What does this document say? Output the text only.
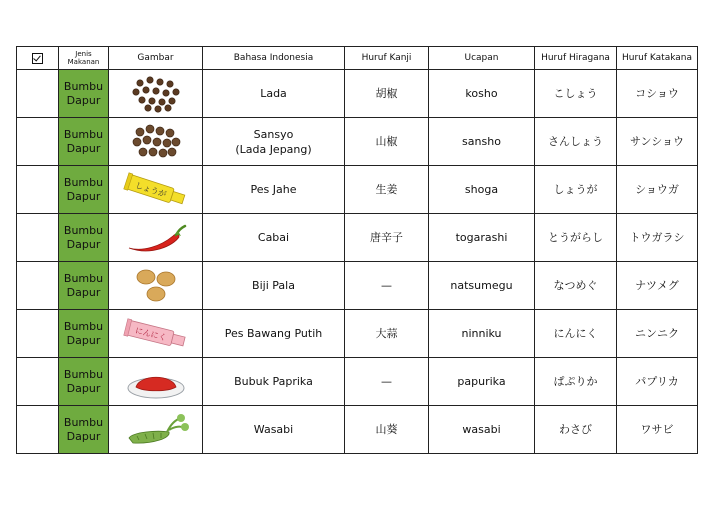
	Jenis Makanan	Gambar	Bahasa Indonesia	Huruf Kanji	Ucapan	Huruf Hiragana	Huruf Katakana
	Bumbu
Dapur		Lada	胡椒	kosho	こしょう	コショウ
	Bumbu
Dapur		Sansyo
(Lada Jepang)	山椒	sansho	さんしょう	サンショウ
	Bumbu
Dapur	しょうが	Pes Jahe	生姜	shoga	しょうが	ショウガ
	Bumbu
Dapur		Cabai	唐辛子	togarashi	とうがらし	トウガラシ
	Bumbu
Dapur		Biji Pala	—	natsumegu	なつめぐ	ナツメグ
	Bumbu
Dapur	にんにく	Pes Bawang Putih	大蒜	ninniku	にんにく	ニンニク
	Bumbu
Dapur		Bubuk Paprika	—	papurika	ぱぷりか	パプリカ
	Bumbu
Dapur		Wasabi	山葵	wasabi	わさび	ワサビ
